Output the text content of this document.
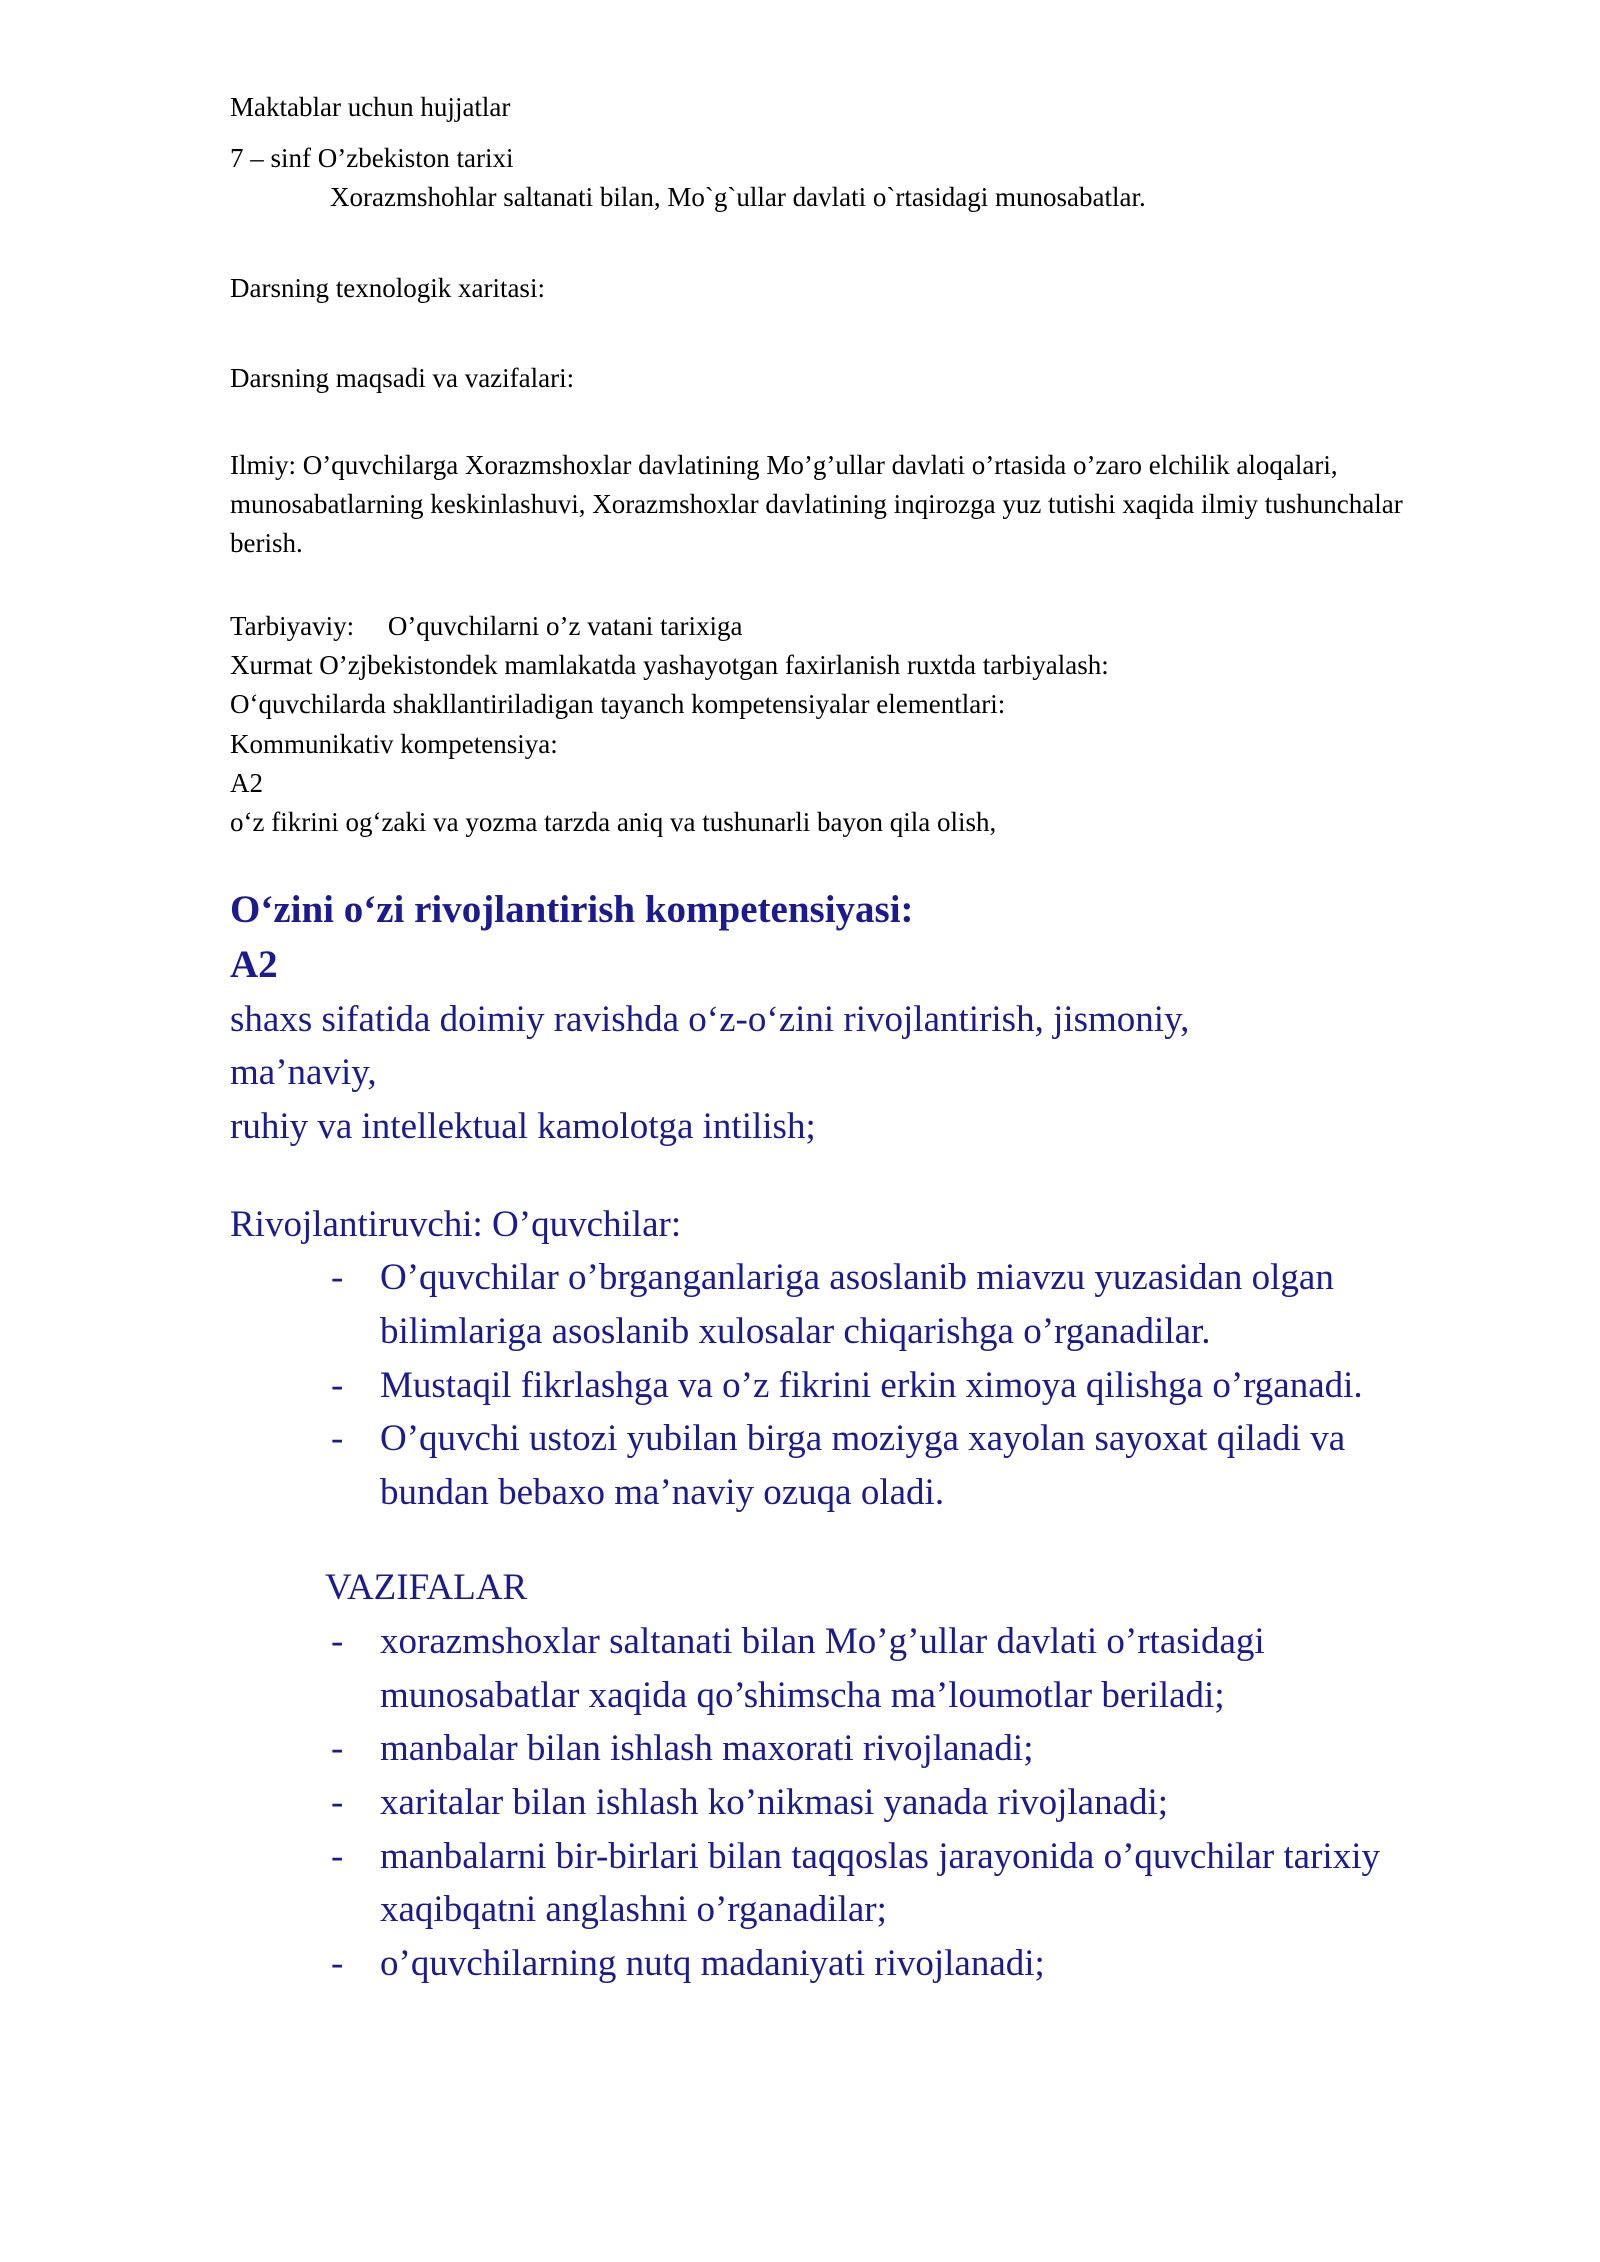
Maktablar uchun hujjatlar

7 – sinf O’zbekiston tarixi

Xorazmshohlar saltanati bilan, Mo`g`ullar davlati o`rtasidagi munosabatlar.

Darsning texnologik xaritasi:

Darsning maqsadi va vazifalari:

Ilmiy: O’quvchilarga Xorazmshoxlar davlatining Mo’g’ullar davlati o’rtasida o’zaro elchilik aloqalari, munosabatlarning keskinlashuvi, Xorazmshoxlar davlatining inqirozga yuz tutishi xaqida ilmiy tushunchalar berish.

Tarbiyaviy:     O’quvchilarni o’z vatani tarixiga

Xurmat O’zjbekistondek mamlakatda yashayotgan faxirlanish ruxtda tarbiyalash:

Oʻquvchilarda shakllantiriladigan tayanch kompetensiyalar elementlari:

Kommunikativ kompetensiya:

A2

oʻz fikrini ogʻzaki va yozma tarzda aniq va tushunarli bayon qila olish,

Oʻzini oʻzi rivojlantirish kompetensiyasi:

A2

shaxs sifatida doimiy ravishda oʻz-oʻzini rivojlantirish, jismoniy,

ma’naviy,

ruhiy va intellektual kamolotga intilish;

Rivojlantiruvchi: O’quvchilar:

- O’quvchilar o’brganganlariga asoslanib miavzu yuzasidan olgan bilimlariga asoslanib xulosalar chiqarishga o’rganadilar.
- Mustaqil fikrlashga va o’z fikrini erkin ximoya qilishga o’rganadi.
- O’quvchi ustozi yubilan birga moziyga xayolan sayoxat qiladi va bundan bebaxo ma’naviy ozuqa oladi.

VAZIFALAR

- xorazmshoxlar saltanati bilan Mo’g’ullar davlati o’rtasidagi munosabatlar xaqida qo’shimscha ma’loumotlar beriladi;
- manbalar bilan ishlash maxorati rivojlanadi;
- xaritalar bilan ishlash ko’nikmasi yanada rivojlanadi;
- manbalarni bir-birlari bilan taqqoslas jarayonida o’quvchilar tarixiy xaqibqatni anglashni o’rganadilar;
- o’quvchilarning nutq madaniyati rivojlanadi;
